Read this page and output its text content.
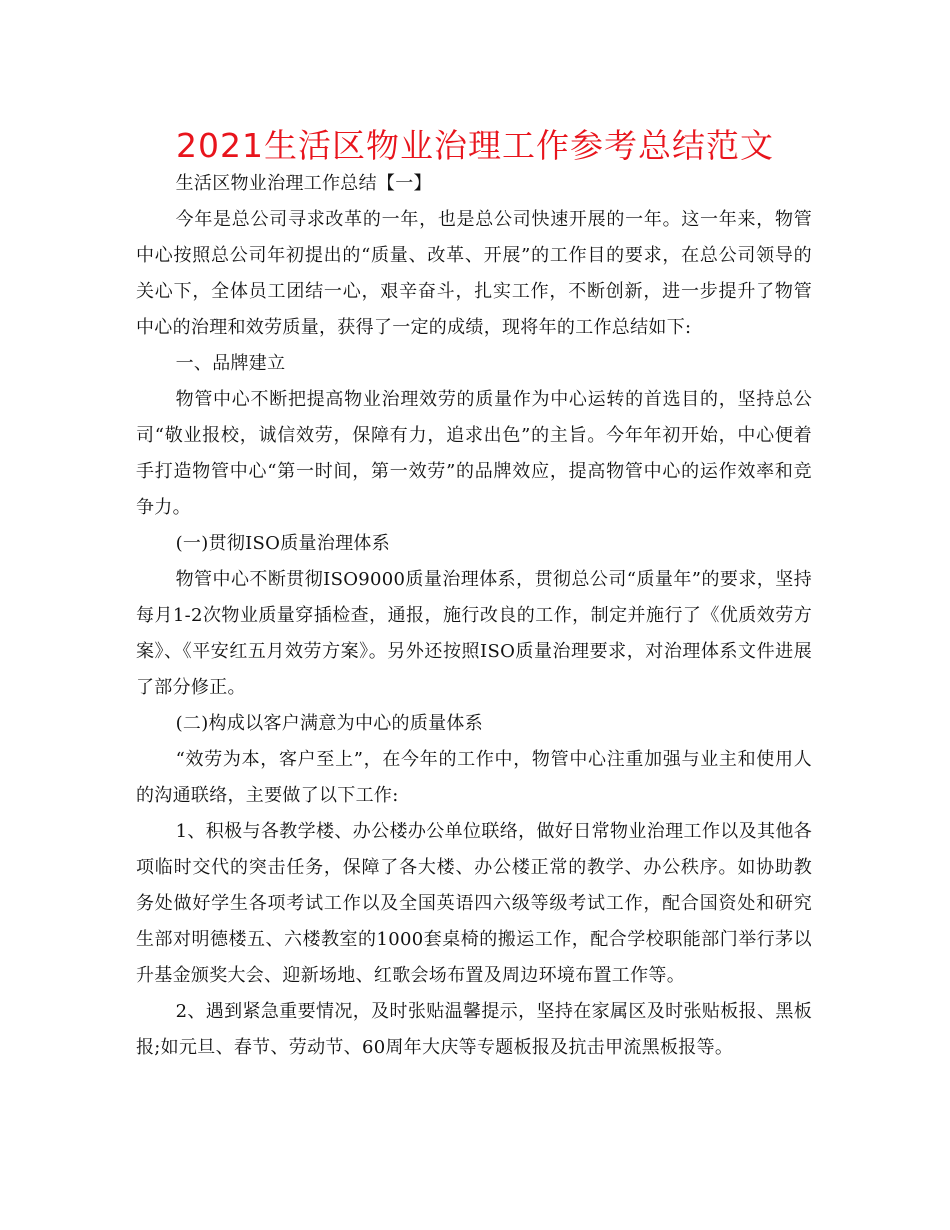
2021生活区物业治理工作参考总结范文

生活区物业治理工作总结【一】

今年是总公司寻求改革的一年，也是总公司快速开展的一年。这一年来，物管中心按照总公司年初提出的“质量、改革、开展”的工作目的要求，在总公司领导的关心下，全体员工团结一心，艰辛奋斗，扎实工作，不断创新，进一步提升了物管中心的治理和效劳质量，获得了一定的成绩，现将年的工作总结如下:

一、品牌建立

物管中心不断把提高物业治理效劳的质量作为中心运转的首选目的，坚持总公司“敬业报校，诚信效劳，保障有力，追求出色”的主旨。今年年初开始，中心便着手打造物管中心“第一时间，第一效劳”的品牌效应，提高物管中心的运作效率和竞争力。

(一)贯彻ISO质量治理体系

物管中心不断贯彻ISO9000质量治理体系，贯彻总公司“质量年”的要求，坚持每月1-2次物业质量穿插检查，通报，施行改良的工作，制定并施行了《优质效劳方案》、《平安红五月效劳方案》。另外还按照ISO质量治理要求，对治理体系文件进展了部分修正。

(二)构成以客户满意为中心的质量体系

“效劳为本，客户至上”，在今年的工作中，物管中心注重加强与业主和使用人的沟通联络，主要做了以下工作:

1、积极与各教学楼、办公楼办公单位联络，做好日常物业治理工作以及其他各项临时交代的突击任务，保障了各大楼、办公楼正常的教学、办公秩序。如协助教务处做好学生各项考试工作以及全国英语四六级等级考试工作，配合国资处和研究生部对明德楼五、六楼教室的1000套桌椅的搬运工作，配合学校职能部门举行茅以升基金颁奖大会、迎新场地、红歌会场布置及周边环境布置工作等。

2、遇到紧急重要情况，及时张贴温馨提示，坚持在家属区及时张贴板报、黑板报;如元旦、春节、劳动节、60周年大庆等专题板报及抗击甲流黑板报等。
